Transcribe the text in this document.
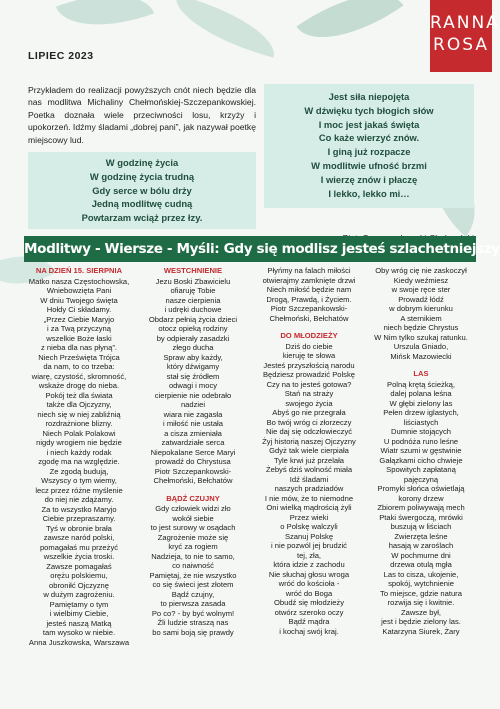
RANNA
ROSA
LIPIEC 2023

Przykładem do realizacji powyższych cnót niech będzie dla nas modlitwa Michaliny Chełmońskiej-Szczepankowskiej. Poetka doznała wiele przeciwności losu, krzyży i upokorzeń. Idźmy śladami „dobrej pani”, jak nazywał poetkę miejscowy lud.

W godzinę życia
W godzinę życia trudną
Gdy serce w bólu drży
Jedną modlitwę cudną
Powtarzam wciąż przez łzy.
Jest siła niepojęta
W dźwięku tych błogich słów
I moc jest jakaś święta
Co każe wierzyć znów.
I giną już rozpacze
W modlitwie ufność brzmi
I wierzę znów i płaczę
I lekko, lekko mi…
Modlitwy - Wiersze - Myśli: Gdy się modlisz jesteś szlachetniejszy
NA DZIEŃ 15. SIERPNIA
Matko nasza Częstochowska,
Wniebowzięta Pani
W dniu Twojego święta
Hołdy Ci składamy.
„Przez Ciebie Maryjo
i za Twą przyczyną
wszelkie Boże łaski
z nieba dla nas płyną”.
Niech Prześwięta Trójca
da nam, to co trzeba:
wiarę, czystość, skromność,
wskaże drogę do nieba.
Pokój też dla świata
także dla Ojczyzny,
niech się w niej zabliźnią
rozdrażnione blizny.
Niech Polak Polakowi
nigdy wrogiem nie będzie
i niech każdy rodak
zgodę ma na względzie.
Ze zgodą budują,
Wszyscy o tym wiemy,
lecz przez różne myślenie
do niej nie zdążamy.
Za to wszystko Maryjo
Ciebie przepraszamy.
Tyś w obronie brała
zawsze naród polski,
pomagałaś mu przeżyć
wszelkie życia troski.
Zawsze pomagałaś
orężu polskiemu,
obroniłć Ojczyznę
w dużym zagrożeniu.
Pamiętamy o tym
i wielbimy Ciebie,
jesteś naszą Matką
tam wysoko w niebie.
Anna Juszkowska, Warszawa
WESTCHNIENIE
Jezu Boski Zbawicielu
ofiaruję Tobie
nasze cierpienia
i udręki duchowe
Obdarz pełnią życia dzieci
otocz opieką rodziny
by odpierały zasadzki
złego ducha
Spraw aby każdy,
który dźwigamy
stał się źródłem
odwagi i mocy
cierpienie nie odebrało
nadziei
wiara nie zagasła
i miłość nie ustała
a cisza zmieniała
zatwardziałe serca
Niepokalane Serce Maryi
prowadź do Chrystusa
Piotr Szczepankowski-Chełmoński, Bełchatów
BĄDŹ CZUJNY
Gdy człowiek widzi zło
wokół siebie
to jest surowy w osądach
Zagrożenie może się
kryć za rogiem
Nadzieja, to nie to samo,
co naiwność
Pamiętaj, że nie wszystko
co się świeci jest złotem
Bądź czujny,
to pierwsza zasada
Po co? - by być wolnym!
Źli ludzie straszą nas
bo sami boją się prawdy
Płyńmy na falach miłości
otwierajmy zamknięte drzwi
Niech miłość będzie nam
Drogą, Prawdą, i Życiem.
Piotr Szczepankowski-Chełmoński, Bełchatów
DO MŁODZIEŻY
Dziś do ciebie
kieruję te słowa
Jesteś przyszłością narodu
Będziesz prowadzić Polskę
Czy na to jesteś gotowa?
Stań na straży
swojego życia
Abyś go nie przegrała
Bo twój wróg ci złorzeczy
Nie daj się odczłowieczyć
Żyj historią naszej Ojczyzny
Gdyż tak wiele cierpiała
Tyle krwi już przelała
Żebyś dziś wolność miała
Idź śladami
naszych pradziadów
I nie mów, że to niemodne
Oni wielką mądrością żyli
Przez wieki
o Polskę walczyli
Szanuj Polskę
i nie pozwól jej brudzić
tej, zła,
która idzie z zachodu
Nie słuchaj głosu wroga
wróć do kościoła -
wróć do Boga
Obudź się młodzieży
otwórz szeroko oczy
Bądź mądra
i kochaj swój kraj.
Oby wróg cię nie zaskoczył
Kiedy weźmiesz
w swoje ręce ster
Prowadź łódź
w dobrym kierunku
A sternikiem
niech będzie Chrystus
W Nim tylko szukaj ratunku.
Urszula Gniado,
Mińsk Mazowiecki
LAS
Polną krętą ścieżką,
dalej polana leśna
W głębi zielony las
Pełen drzew iglastych,
liściastych
Dumnie stojących
U podnóża runo leśne
Wiatr szumi w gęstwinie
Gałązkami cicho chwieje
Spowitych zapłataną
pajęczyną
Promyki słońca oświetlają
korony drzew
Zbiorem poliwywają mech
Ptaki śwergoczą, mrówki
buszują w liściach
Zwierzęta leśne
hasają w zaroślach
W pochmurne dni
drzewa otulą mgła
Las to cisza, ukojenie,
spokój, wytchnienie
To miejsce, gdzie natura
rozwija się i kwitnie.
Zawsze był,
jest i będzie zielony las.
Katarzyna Siurek, Żary
